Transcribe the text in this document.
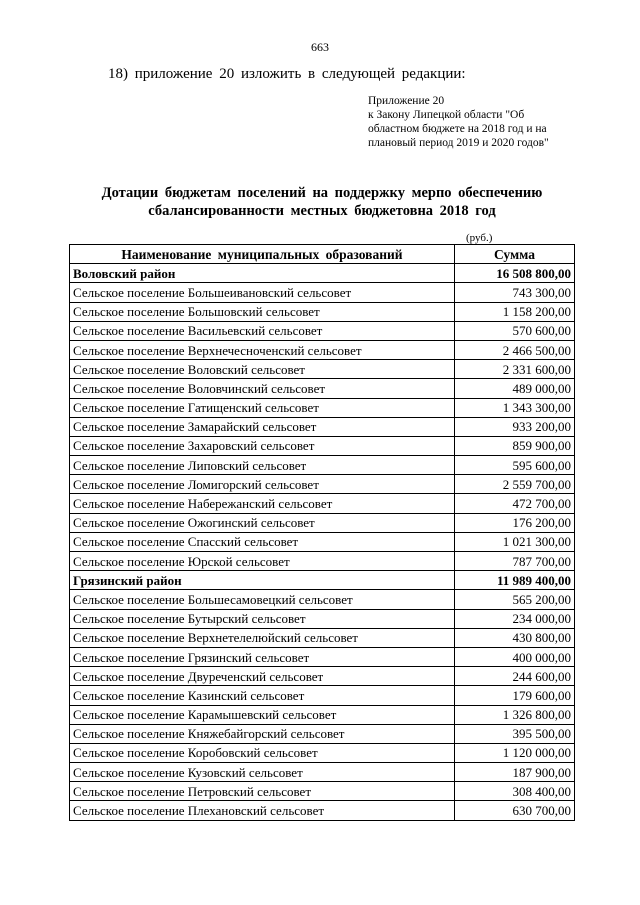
663
18) приложение 20 изложить в следующей редакции:
Приложение 20
к Закону Липецкой области "Об
областном бюджете на 2018 год и на
плановый период 2019 и 2020 годов"
Дотации бюджетам поселений на поддержку мерпо обеспечению
сбалансированности местных бюджетовна 2018 год
(руб.)
Наименование муниципальных образований	Сумма
Воловский район	16 508 800,00
Сельское поселение Большеивановский сельсовет	743 300,00
Сельское поселение Большовский сельсовет	1 158 200,00
Сельское поселение Васильевский сельсовет	570 600,00
Сельское поселение Верхнечесноченский сельсовет	2 466 500,00
Сельское поселение Воловский сельсовет	2 331 600,00
Сельское поселение Воловчинский сельсовет	489 000,00
Сельское поселение Гатищенский сельсовет	1 343 300,00
Сельское поселение Замарайский сельсовет	933 200,00
Сельское поселение Захаровский сельсовет	859 900,00
Сельское поселение Липовский сельсовет	595 600,00
Сельское поселение Ломигорский сельсовет	2 559 700,00
Сельское поселение Набережанский сельсовет	472 700,00
Сельское поселение Ожогинский сельсовет	176 200,00
Сельское поселение Спасский сельсовет	1 021 300,00
Сельское поселение Юрской сельсовет	787 700,00
Грязинский район	11 989 400,00
Сельское поселение Большесамовецкий сельсовет	565 200,00
Сельское поселение Бутырский сельсовет	234 000,00
Сельское поселение Верхнетелелюйский сельсовет	430 800,00
Сельское поселение Грязинский сельсовет	400 000,00
Сельское поселение Двуреченский сельсовет	244 600,00
Сельское поселение Казинский сельсовет	179 600,00
Сельское поселение Карамышевский сельсовет	1 326 800,00
Сельское поселение Княжебайгорский сельсовет	395 500,00
Сельское поселение Коробовский сельсовет	1 120 000,00
Сельское поселение Кузовский сельсовет	187 900,00
Сельское поселение Петровский сельсовет	308 400,00
Сельское поселение Плехановский сельсовет	630 700,00
